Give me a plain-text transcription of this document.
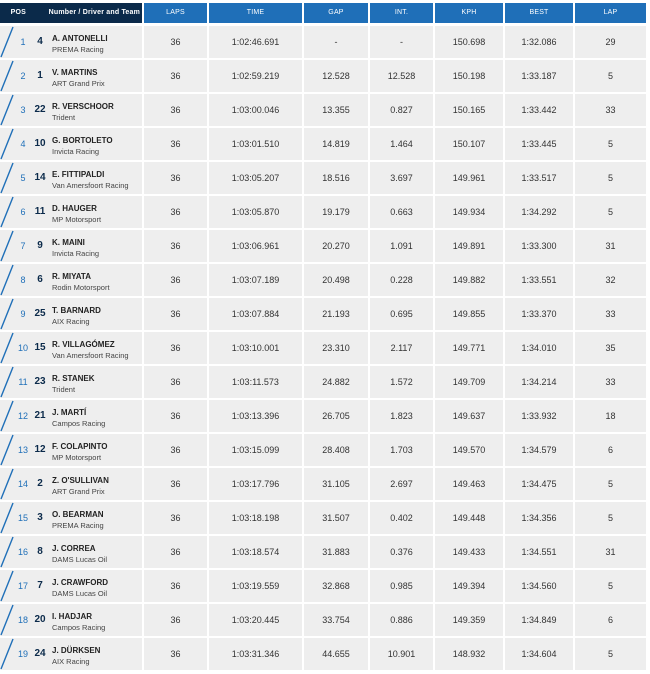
POS	Number / Driver and Team	LAPS	TIME	GAP	INT.	KPH	BEST	LAP
1	4	A. ANTONELLI
PREMA Racing
36	1:02:46.691	-	-	150.698	1:32.086	29
2	1	V. MARTINS
ART Grand Prix
36	1:02:59.219	12.528	12.528	150.198	1:33.187	5
3 22 R. VERSCHOOR
Trident
36	1:03:00.046	13.355	0.827	150.165	1:33.442	33
4 10 G. BORTOLETO
Invicta Racing
36	1:03:01.510	14.819	1.464	150.107	1:33.445	5
5 14 E. FITTIPALDI
Van Amersfoort Racing
36	1:03:05.207	18.516	3.697	149.961	1:33.517	5
6 11 D. HAUGER
MP Motorsport
36	1:03:05.870	19.179	0.663	149.934	1:34.292	5
7	9	K. MAINI
Invicta Racing
36	1:03:06.961	20.270	1.091	149.891	1:33.300	31
8	6	R. MIYATA
Rodin Motorsport
36	1:03:07.189	20.498	0.228	149.882	1:33.551	32
9 25 T. BARNARD
AIX Racing
36	1:03:07.884	21.193	0.695	149.855	1:33.370	33
10 15 R. VILLAGÓMEZ
Van Amersfoort Racing
36	1:03:10.001	23.310	2.117	149.771	1:34.010	35
11 23 R. STANEK
Trident
36	1:03:11.573	24.882	1.572	149.709	1:34.214	33
12 21 J. MARTÍ
Campos Racing
36	1:03:13.396	26.705	1.823	149.637	1:33.932	18
13 12 F. COLAPINTO
MP Motorsport
36	1:03:15.099	28.408	1.703	149.570	1:34.579	6
14 2	Z. O'SULLIVAN
ART Grand Prix
36	1:03:17.796	31.105	2.697	149.463	1:34.475	5
15 3	O. BEARMAN
PREMA Racing
36	1:03:18.198	31.507	0.402	149.448	1:34.356	5
16 8	J. CORREA
DAMS Lucas Oil
36	1:03:18.574	31.883	0.376	149.433	1:34.551	31
17 7	J. CRAWFORD
DAMS Lucas Oil
36	1:03:19.559	32.868	0.985	149.394	1:34.560	5
18 20 I. HADJAR
Campos Racing
36	1:03:20.445	33.754	0.886	149.359	1:34.849	6
19 24 J. DÜRKSEN
AIX Racing
36	1:03:31.346	44.655	10.901	148.932	1:34.604	5
